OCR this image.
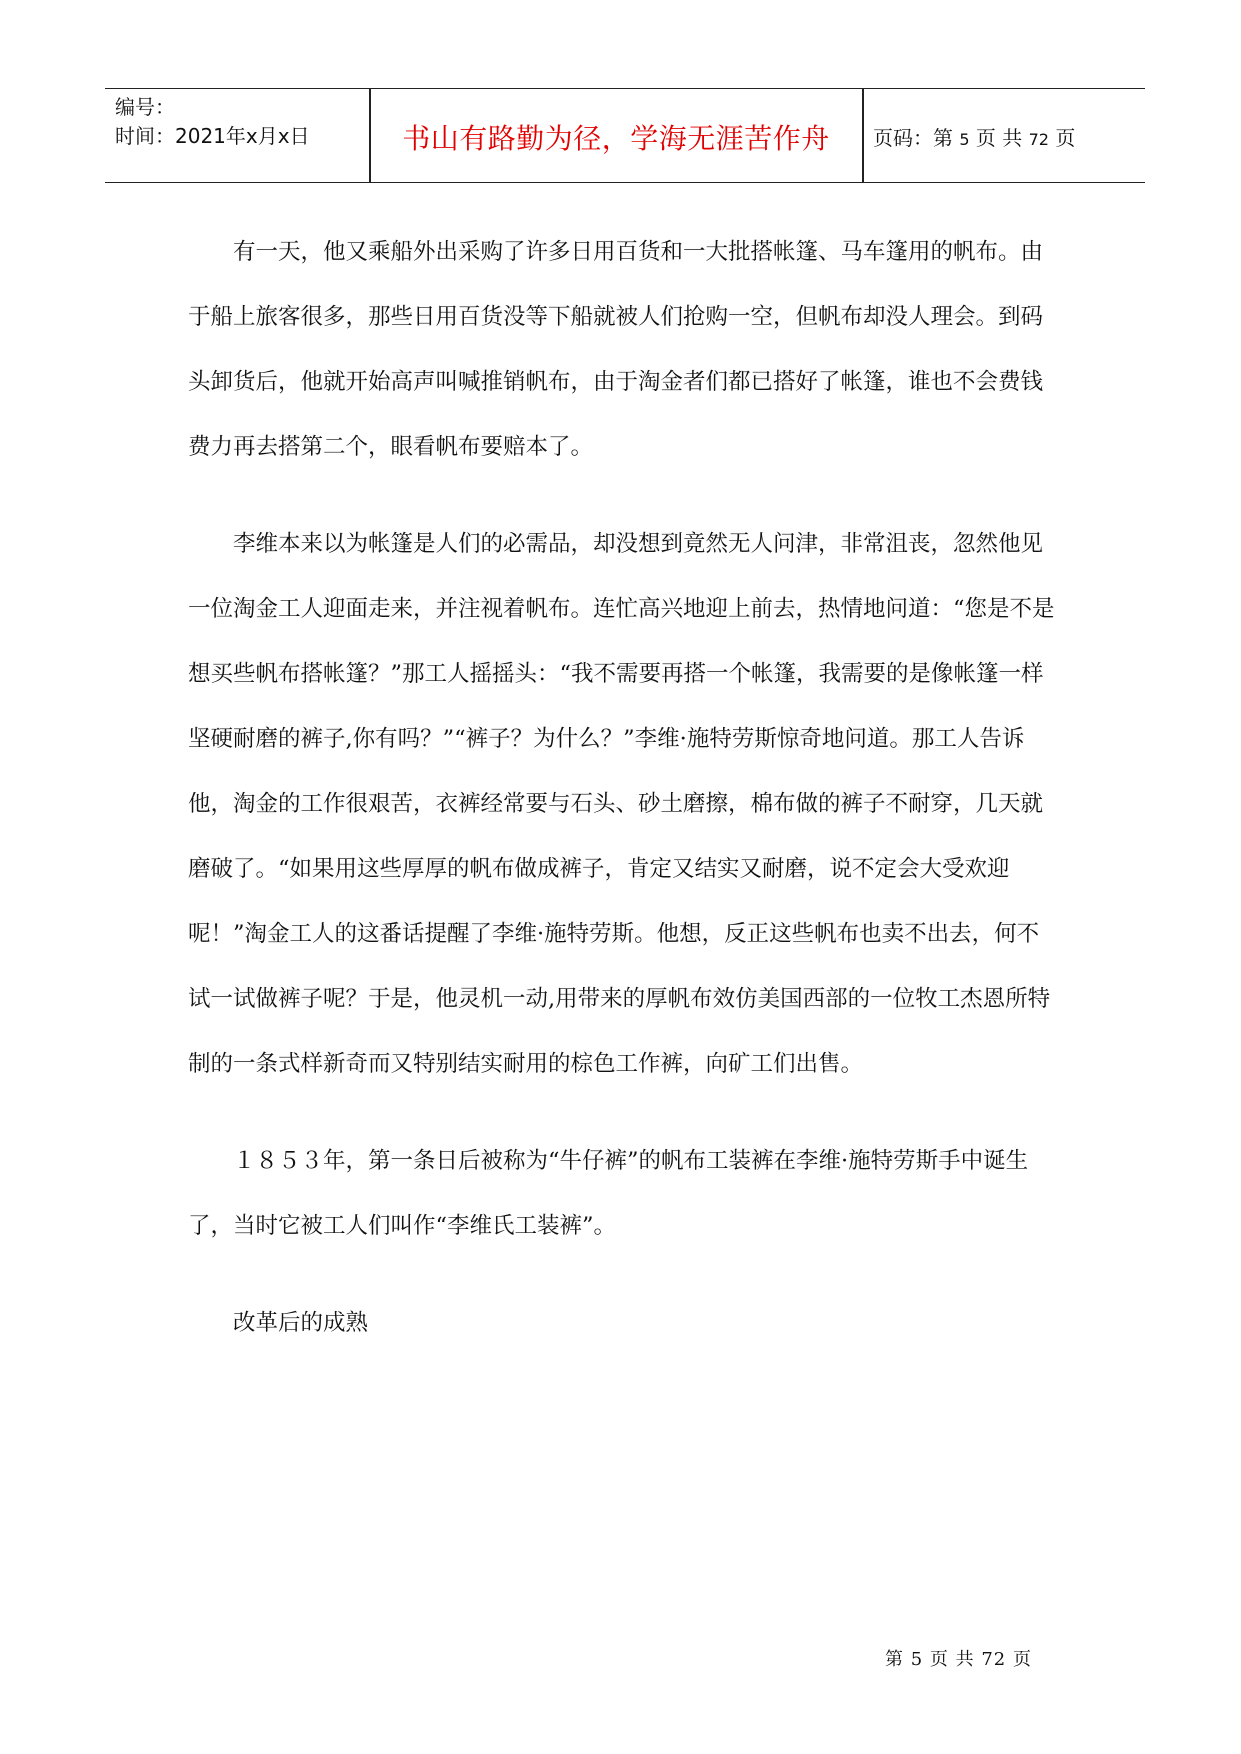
编号：
时间：2021年x月x日	书山有路勤为径，学海无涯苦作舟	页码：第 5 页 共 72 页

有一天，他又乘船外出采购了许多日用百货和一大批搭帐篷、马车篷用的帆布。由于船上旅客很多，那些日用百货没等下船就被人们抢购一空，但帆布却没人理会。到码头卸货后，他就开始高声叫喊推销帆布，由于淘金者们都已搭好了帐篷，谁也不会费钱费力再去搭第二个，眼看帆布要赔本了。

李维本来以为帐篷是人们的必需品，却没想到竟然无人问津，非常沮丧，忽然他见一位淘金工人迎面走来，并注视着帆布。连忙高兴地迎上前去，热情地问道：“您是不是想买些帆布搭帐篷？”那工人摇摇头：“我不需要再搭一个帐篷，我需要的是像帐篷一样坚硬耐磨的裤子,你有吗？”“裤子？为什么？”李维·施特劳斯惊奇地问道。那工人告诉他，淘金的工作很艰苦，衣裤经常要与石头、砂土磨擦，棉布做的裤子不耐穿，几天就磨破了。“如果用这些厚厚的帆布做成裤子，肯定又结实又耐磨，说不定会大受欢迎呢！”淘金工人的这番话提醒了李维·施特劳斯。他想，反正这些帆布也卖不出去，何不试一试做裤子呢？于是，他灵机一动,用带来的厚帆布效仿美国西部的一位牧工杰恩所特制的一条式样新奇而又特别结实耐用的棕色工作裤，向矿工们出售。

１８５３年，第一条日后被称为“牛仔裤”的帆布工装裤在李维·施特劳斯手中诞生了，当时它被工人们叫作“李维氏工装裤”。

改革后的成熟

第 5 页 共 72 页
